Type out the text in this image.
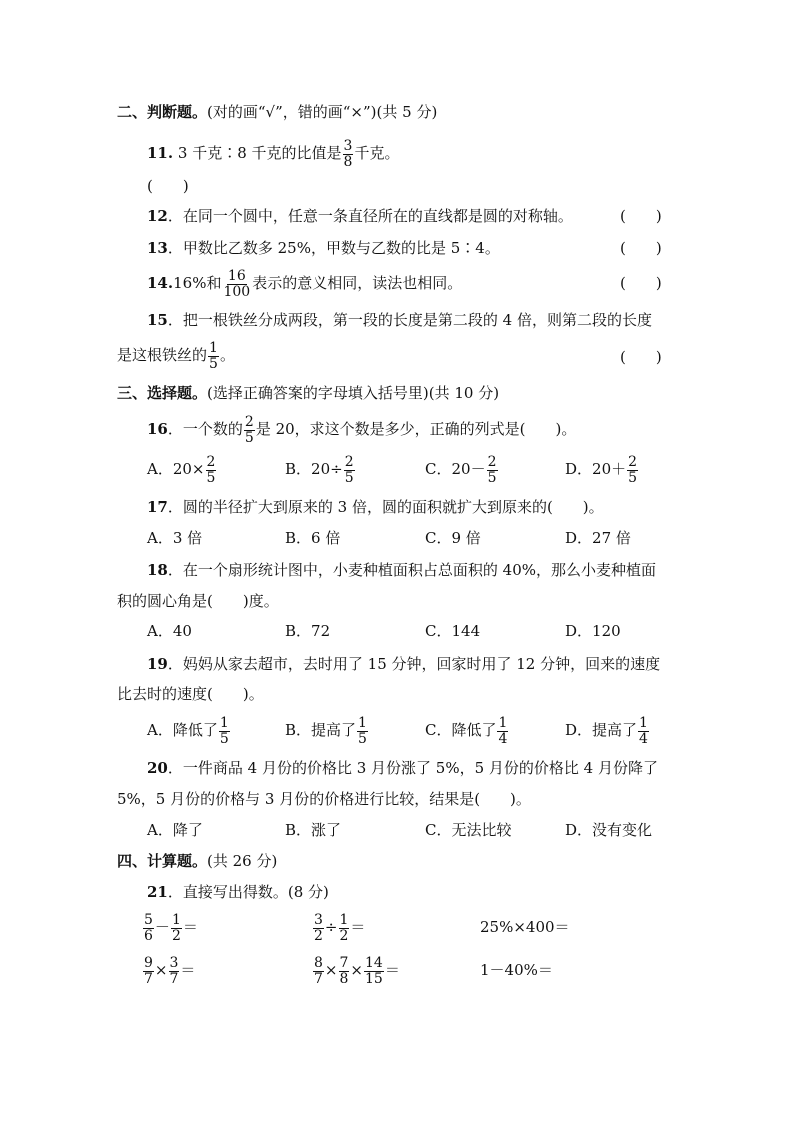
二、判断题。(对的画“√”，错的画“×”)(共 5 分)
11. 3 千克∶8 千克的比值是 $\frac{3}{8}$ 千克。
(　　)
12．在同一个圆中，任意一条直径所在的直线都是圆的对称轴。	(　　)
13．甲数比乙数多 25%，甲数与乙数的比是 5∶4。	(　　)
14.16%和 $\frac{16}{100}$ 表示的意义相同，读法也相同。	(　　)
15．把一根铁丝分成两段，第一段的长度是第二段的 4 倍，则第二段的长度
是这根铁丝的 $\frac{1}{5}$ 。	(　　)
三、选择题。(选择正确答案的字母填入括号里)(共 10 分)
16．一个数的 $\frac{2}{5}$ 是 20，求这个数是多少，正确的列式是(　　)。
A．$20\times \frac{2}{5}$	B．$20\div \frac{2}{5}$	C．$20- \frac{2}{5}$	D．$20+ \frac{2}{5}$
17．圆的半径扩大到原来的 3 倍，圆的面积就扩大到原来的(　　)。
A．3 倍	B．6 倍	C．9 倍	D．27 倍
18．在一个扇形统计图中，小麦种植面积占总面积的 40%，那么小麦种植面
积的圆心角是(　　)度。
A．40	B．72	C．144	D．120
19．妈妈从家去超市，去时用了 15 分钟，回家时用了 12 分钟，回来的速度
比去时的速度(　　)。
A．降低了 $\frac{1}{5}$	B．提高了 $\frac{1}{5}$	C．降低了 $\frac{1}{4}$	D．提高了 $\frac{1}{4}$
20．一件商品 4 月份的价格比 3 月份涨了 5%，5 月份的价格比 4 月份降了
5%，5 月份的价格与 3 月份的价格进行比较，结果是(　　)。
A．降了	B．涨了	C．无法比较	D．没有变化
四、计算题。(共 26 分)
21．直接写出得数。(8 分)
$\frac{5}{6} - \frac{1}{2}$ ＝	$\frac{3}{2} \div \frac{1}{2}$ ＝	25%×400＝
$\frac{9}{7} \times \frac{3}{7}$ ＝	$\frac{8}{7} \times \frac{7}{8} \times \frac{14}{15}$ ＝	1－40%＝
